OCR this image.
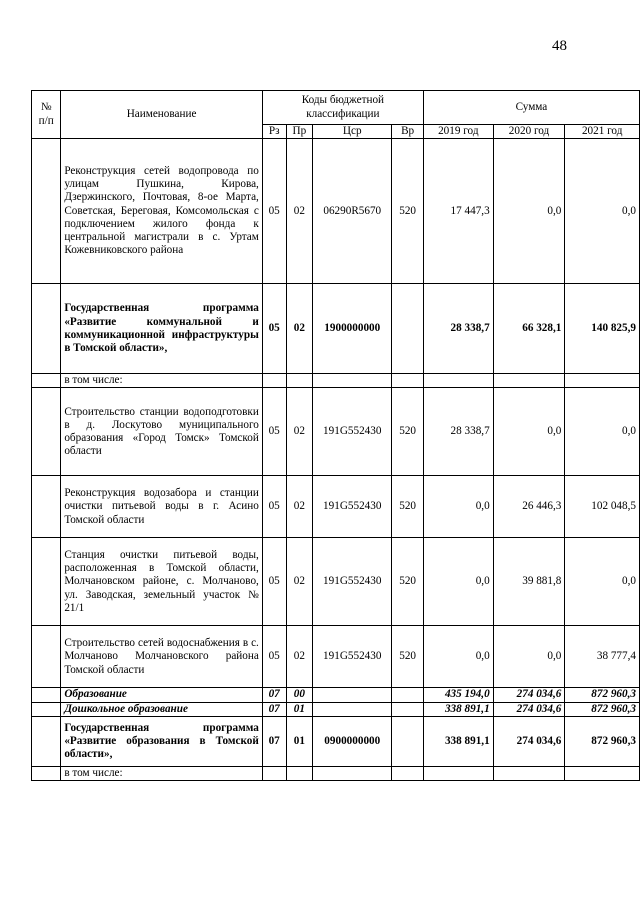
48
№ п/п	Наименование	Коды бюджетной классификации				Сумма		
		Рз	Пр	Цср	Вр	2019 год	2020 год	2021 год
	Реконструкция сетей водопровода по улицам Пушкина, Кирова, Дзержинского, Почтовая, 8-ое Марта, Советская, Береговая, Комсомольская с подключением жилого фонда к центральной магистрали в с. Уртам Кожевниковского района	05	02	06290R5670	520	17 447,3	0,0	0,0
	Государственная программа «Развитие коммунальной и коммуникационной инфраструктуры в Томской области»,	05	02	1900000000		28 338,7	66 328,1	140 825,9
	в том числе:							
	Строительство станции водоподготовки в д. Лоскутово муниципального образования «Город Томск» Томской области	05	02	191G552430	520	28 338,7	0,0	0,0
	Реконструкция водозабора и станции очистки питьевой воды в г. Асино Томской области	05	02	191G552430	520	0,0	26 446,3	102 048,5
	Станция очистки питьевой воды, расположенная в Томской области, Молчановском районе, с. Молчаново, ул. Заводская, земельный участок № 21/1	05	02	191G552430	520	0,0	39 881,8	0,0
	Строительство сетей водоснабжения в с. Молчаново Молчановского района Томской области	05	02	191G552430	520	0,0	0,0	38 777,4
	Образование	07	00			435 194,0	274 034,6	872 960,3
	Дошкольное образование	07	01			338 891,1	274 034,6	872 960,3
	Государственная программа «Развитие образования в Томской области»,	07	01	0900000000		338 891,1	274 034,6	872 960,3
	в том числе:							
